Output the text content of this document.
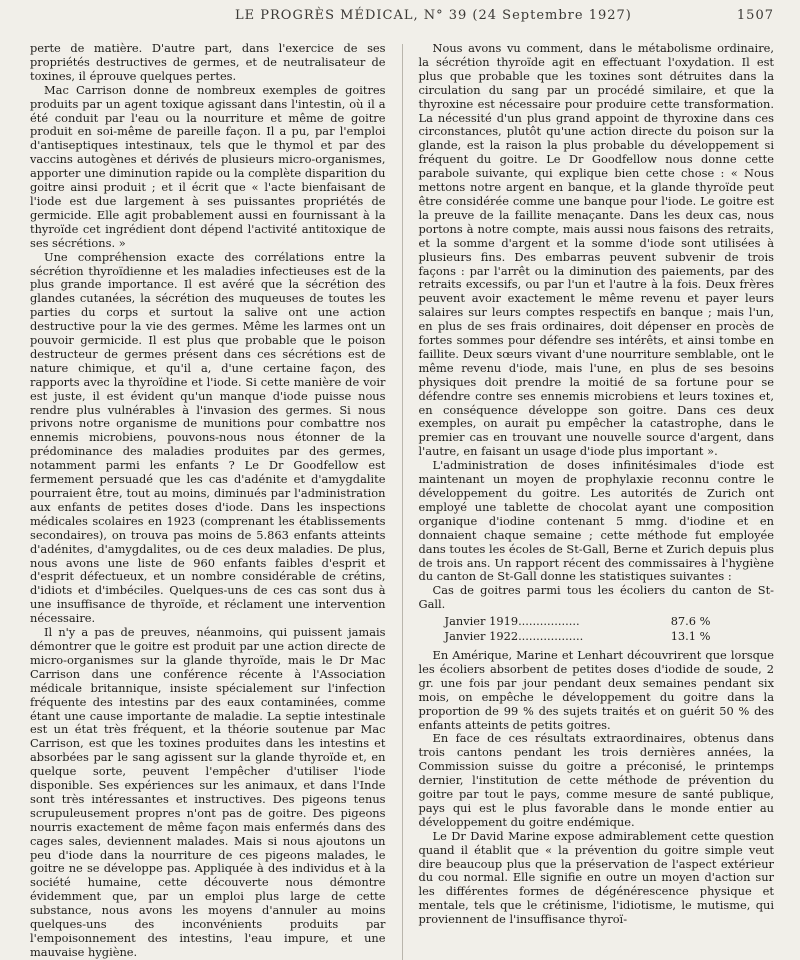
LE PROGRÈS MÉDICAL, N° 39 (24 Septembre 1927)	1507

perte de matière. D'autre part, dans l'exercice de ses propriétés destructives de germes, et de neutralisateur de toxines, il éprouve quelques pertes.

Mac Carrison donne de nombreux exemples de goitres produits par un agent toxique agissant dans l'intestin, où il a été conduit par l'eau ou la nourriture et même de goitre produit en soi-même de pareille façon. Il a pu, par l'emploi d'antiseptiques intestinaux, tels que le thymol et par des vaccins autogènes et dérivés de plusieurs micro-organismes, apporter une diminution rapide ou la complète disparition du goitre ainsi produit ; et il écrit que « l'acte bienfaisant de l'iode est due largement à ses puissantes propriétés de germicide. Elle agit probablement aussi en fournissant à la thyroïde cet ingrédient dont dépend l'activité antitoxique de ses sécrétions. »

Une compréhension exacte des corrélations entre la sécrétion thyroïdienne et les maladies infectieuses est de la plus grande importance. Il est avéré que la sécrétion des glandes cutanées, la sécrétion des muqueuses de toutes les parties du corps et surtout la salive ont une action destructive pour la vie des germes. Même les larmes ont un pouvoir germicide. Il est plus que probable que le poison destructeur de germes présent dans ces sécrétions est de nature chimique, et qu'il a, d'une certaine façon, des rapports avec la thyroïdine et l'iode. Si cette manière de voir est juste, il est évident qu'un manque d'iode puisse nous rendre plus vulnérables à l'invasion des germes. Si nous privons notre organisme de munitions pour combattre nos ennemis microbiens, pouvons-nous nous étonner de la prédominance des maladies produites par des germes, notamment parmi les enfants ? Le Dr Goodfellow est fermement persuadé que les cas d'adénite et d'amygdalite pourraient être, tout au moins, diminués par l'administration aux enfants de petites doses d'iode. Dans les inspections médicales scolaires en 1923 (comprenant les établissements secondaires), on trouva pas moins de 5.863 enfants atteints d'adénites, d'amygdalites, ou de ces deux maladies. De plus, nous avons une liste de 960 enfants faibles d'esprit et d'esprit défectueux, et un nombre considérable de crétins, d'idiots et d'imbéciles. Quelques-uns de ces cas sont dus à une insuffisance de thyroïde, et réclament une intervention nécessaire.

Il n'y a pas de preuves, néanmoins, qui puissent jamais démontrer que le goitre est produit par une action directe de micro-organismes sur la glande thyroïde, mais le Dr Mac Carrison dans une conférence récente à l'Association médicale britannique, insiste spécialement sur l'infection fréquente des intestins par des eaux contaminées, comme étant une cause importante de maladie. La septie intestinale est un état très fréquent, et la théorie soutenue par Mac Carrison, est que les toxines produites dans les intestins et absorbées par le sang agissent sur la glande thyroïde et, en quelque sorte, peuvent l'empêcher d'utiliser l'iode disponible. Ses expériences sur les animaux, et dans l'Inde sont très intéressantes et instructives. Des pigeons tenus scrupuleusement propres n'ont pas de goitre. Des pigeons nourris exactement de même façon mais enfermés dans des cages sales, deviennent malades. Mais si nous ajoutons un peu d'iode dans la nourriture de ces pigeons malades, le goitre ne se développe pas. Appliquée à des individus et à la société humaine, cette découverte nous démontre évidemment que, par un emploi plus large de cette substance, nous avons les moyens d'annuler au moins quelques-uns des inconvénients produits par l'empoisonnement des intestins, l'eau impure, et une mauvaise hygiène.

Nous avons vu comment, dans le métabolisme ordinaire, la sécrétion thyroïde agit en effectuant l'oxydation. Il est plus que probable que les toxines sont détruites dans la circulation du sang par un procédé similaire, et que la thyroxine est nécessaire pour produire cette transformation. La nécessité d'un plus grand appoint de thyroxine dans ces circonstances, plutôt qu'une action directe du poison sur la glande, est la raison la plus probable du développement si fréquent du goitre. Le Dr Goodfellow nous donne cette parabole suivante, qui explique bien cette chose : « Nous mettons notre argent en banque, et la glande thyroïde peut être considérée comme une banque pour l'iode. Le goitre est la preuve de la faillite menaçante. Dans les deux cas, nous portons à notre compte, mais aussi nous faisons des retraits, et la somme d'argent et la somme d'iode sont utilisées à plusieurs fins. Des embarras peuvent subvenir de trois façons : par l'arrêt ou la diminution des paiements, par des retraits excessifs, ou par l'un et l'autre à la fois. Deux frères peuvent avoir exactement le même revenu et payer leurs salaires sur leurs comptes respectifs en banque ; mais l'un, en plus de ses frais ordinaires, doit dépenser en procès de fortes sommes pour défendre ses intérêts, et ainsi tombe en faillite. Deux sœurs vivant d'une nourriture semblable, ont le même revenu d'iode, mais l'une, en plus de ses besoins physiques doit prendre la moitié de sa fortune pour se défendre contre ses ennemis microbiens et leurs toxines et, en conséquence développe son goitre. Dans ces deux exemples, on aurait pu empêcher la catastrophe, dans le premier cas en trouvant une nouvelle source d'argent, dans l'autre, en faisant un usage d'iode plus important ».

L'administration de doses infinitésimales d'iode est maintenant un moyen de prophylaxie reconnu contre le développement du goitre. Les autorités de Zurich ont employé une tablette de chocolat ayant une composition organique d'iodine contenant 5 mmg. d'iodine et en donnaient chaque semaine ; cette méthode fut employée dans toutes les écoles de St-Gall, Berne et Zurich depuis plus de trois ans. Un rapport récent des commissaires à l'hygiène du canton de St-Gall donne les statistiques suivantes :

Cas de goitres parmi tous les écoliers du canton de St-Gall.

Janvier 1919.................	87.6 %
Janvier 1922..................	13.1 %

En Amérique, Marine et Lenhart découvrirent que lorsque les écoliers absorbent de petites doses d'iodide de soude, 2 gr. une fois par jour pendant deux semaines pendant six mois, on empêche le développement du goitre dans la proportion de 99 % des sujets traités et on guérit 50 % des enfants atteints de petits goitres.

En face de ces résultats extraordinaires, obtenus dans trois cantons pendant les trois dernières années, la Commission suisse du goitre a préconisé, le printemps dernier, l'institution de cette méthode de prévention du goitre par tout le pays, comme mesure de santé publique, pays qui est le plus favorable dans le monde entier au développement du goitre endémique.

Le Dr David Marine expose admirablement cette question quand il établit que « la prévention du goitre simple veut dire beaucoup plus que la préservation de l'aspect extérieur du cou normal. Elle signifie en outre un moyen d'action sur les différentes formes de dégénérescence physique et mentale, tels que le crétinisme, l'idiotisme, le mutisme, qui proviennent de l'insuffisance thyroï-
